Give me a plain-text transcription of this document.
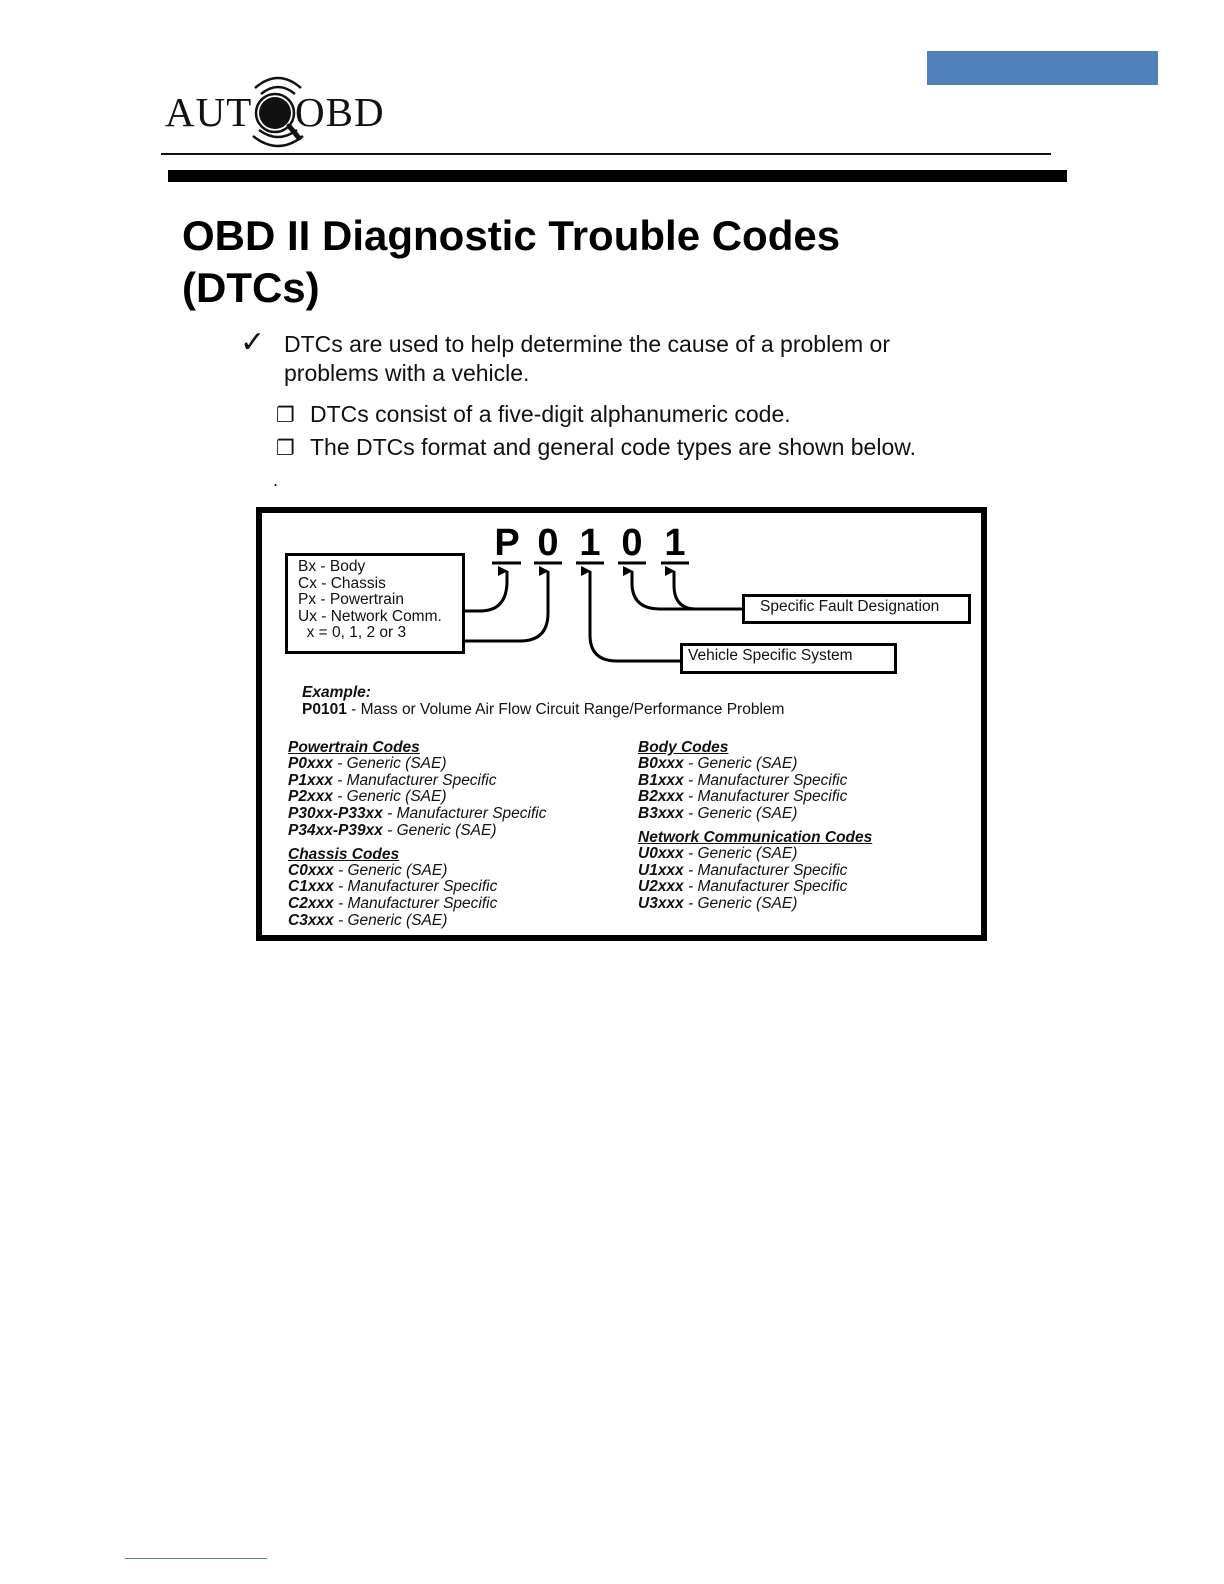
AUT OBD
OBD II Diagnostic Trouble Codes
(DTCs)
✓ DTCs are used to help determine the cause of a problem or problems with a vehicle.
❐ DTCs consist of a five-digit alphanumeric code.
❐ The DTCs format and general code types are shown below.
.
Bx - Body
Cx - Chassis
Px - Powertrain
Ux - Network Comm.
x = 0, 1, 2 or 3
P 0 1 0 1
Specific Fault Designation
Vehicle Specific System
Example:
P0101 - Mass or Volume Air Flow Circuit Range/Performance Problem
Powertrain Codes
P0xxx - Generic (SAE)
P1xxx - Manufacturer Specific
P2xxx - Generic (SAE)
P30xx-P33xx - Manufacturer Specific
P34xx-P39xx - Generic (SAE)
Chassis Codes
C0xxx - Generic (SAE)
C1xxx - Manufacturer Specific
C2xxx - Manufacturer Specific
C3xxx - Generic (SAE)
Body Codes
B0xxx - Generic (SAE)
B1xxx - Manufacturer Specific
B2xxx - Manufacturer Specific
B3xxx - Generic (SAE)
Network Communication Codes
U0xxx - Generic (SAE)
U1xxx - Manufacturer Specific
U2xxx - Manufacturer Specific
U3xxx - Generic (SAE)
